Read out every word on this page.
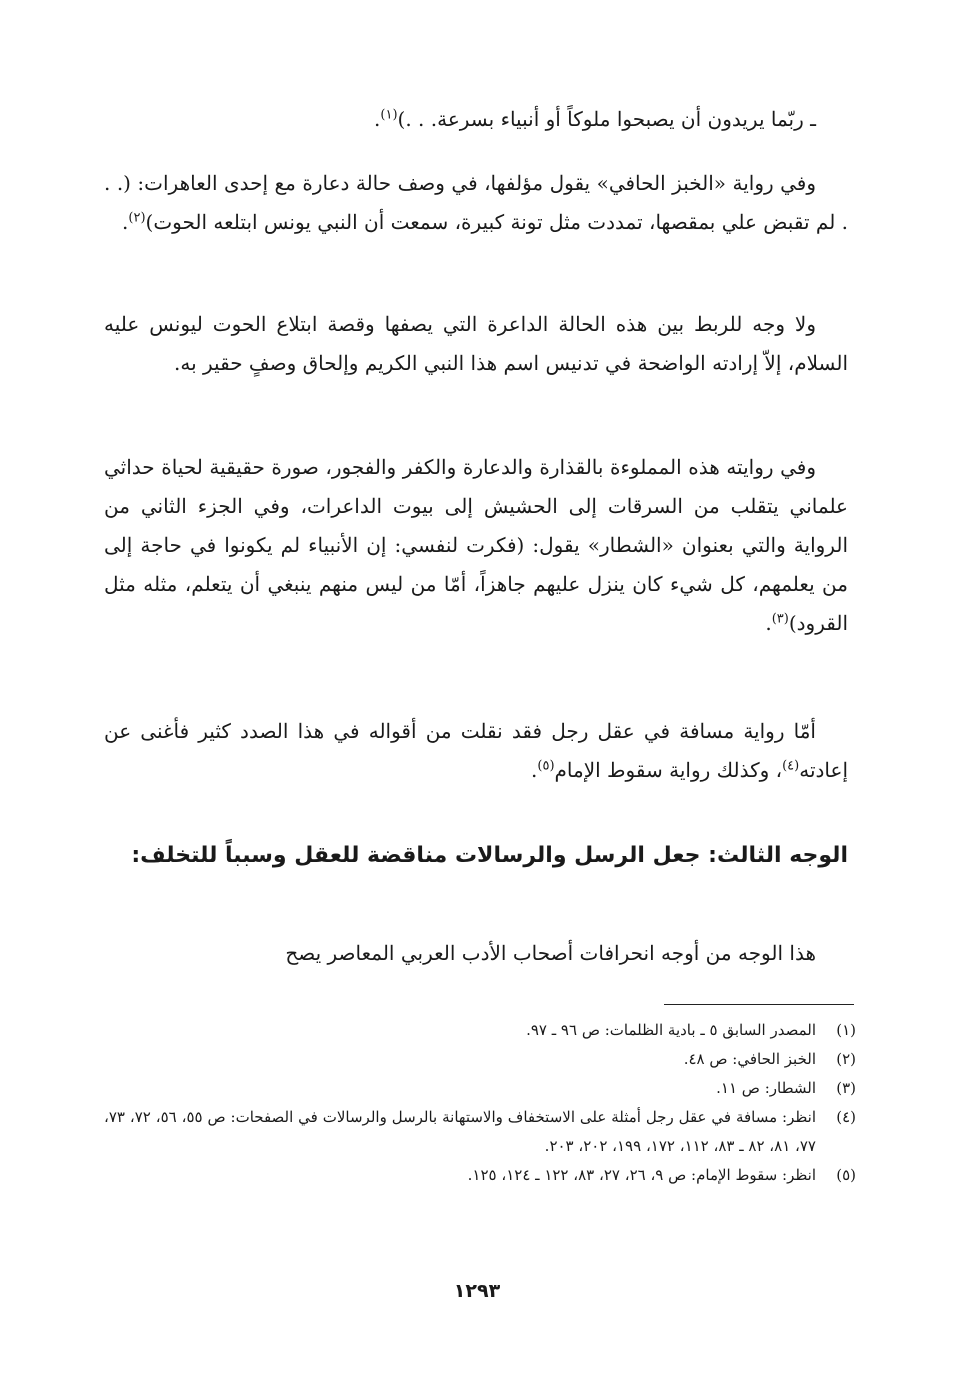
ـ ربّما يريدون أن يصبحوا ملوكاً أو أنبياء بسرعة. . .)$^{(١)}$.

وفي رواية «الخبز الحافي» يقول مؤلفها، في وصف حالة دعارة مع إحدى العاهرات: (. . . لم تقبض علي بمقصها، تمددت مثل تونة كبيرة، سمعت أن النبي يونس ابتلعه الحوت)$^{(٢)}$.

ولا وجه للربط بين هذه الحالة الداعرة التي يصفها وقصة ابتلاع الحوت ليونس عليه السلام، إلاّ إرادته الواضحة في تدنيس اسم هذا النبي الكريم وإلحاق وصفٍ حقير به.

وفي روايته هذه المملوءة بالقذارة والدعارة والكفر والفجور، صورة حقيقية لحياة حداثي علماني يتقلب من السرقات إلى الحشيش إلى بيوت الداعرات، وفي الجزء الثاني من الرواية والتي بعنوان «الشطار» يقول: (فكرت لنفسي: إن الأنبياء لم يكونوا في حاجة إلى من يعلمهم، كل شيء كان ينزل عليهم جاهزاً، أمّا من ليس منهم ينبغي أن يتعلم، مثله مثل القرود)$^{(٣)}$.

أمّا رواية مسافة في عقل رجل فقد نقلت من أقواله في هذا الصدد كثير فأغنى عن إعادته$^{(٤)}$، وكذلك رواية سقوط الإمام$^{(٥)}$.

الوجه الثالث: جعل الرسل والرسالات مناقضة للعقل وسبباً للتخلف:

هذا الوجه من أوجه انحرافات أصحاب الأدب العربي المعاصر يصح

(١)
المصدر السابق ٥ ـ بادية الظلمات: ص ٩٦ ـ ٩٧.
(٢)
الخبز الحافي: ص ٤٨.
(٣)
الشطار: ص ١١.
(٤)
انظر: مسافة في عقل رجل أمثلة على الاستخفاف والاستهانة بالرسل والرسالات في الصفحات: ص ٥٥، ٥٦، ٧٢، ٧٣، ٧٧، ٨١، ٨٢ ـ ٨٣، ١١٢، ١٧٢، ١٩٩، ٢٠٢، ٢٠٣.
(٥)
انظر: سقوط الإمام: ص ٩، ٢٦، ٢٧، ٨٣، ١٢٢ ـ ١٢٤، ١٢٥.
١٢٩٣
